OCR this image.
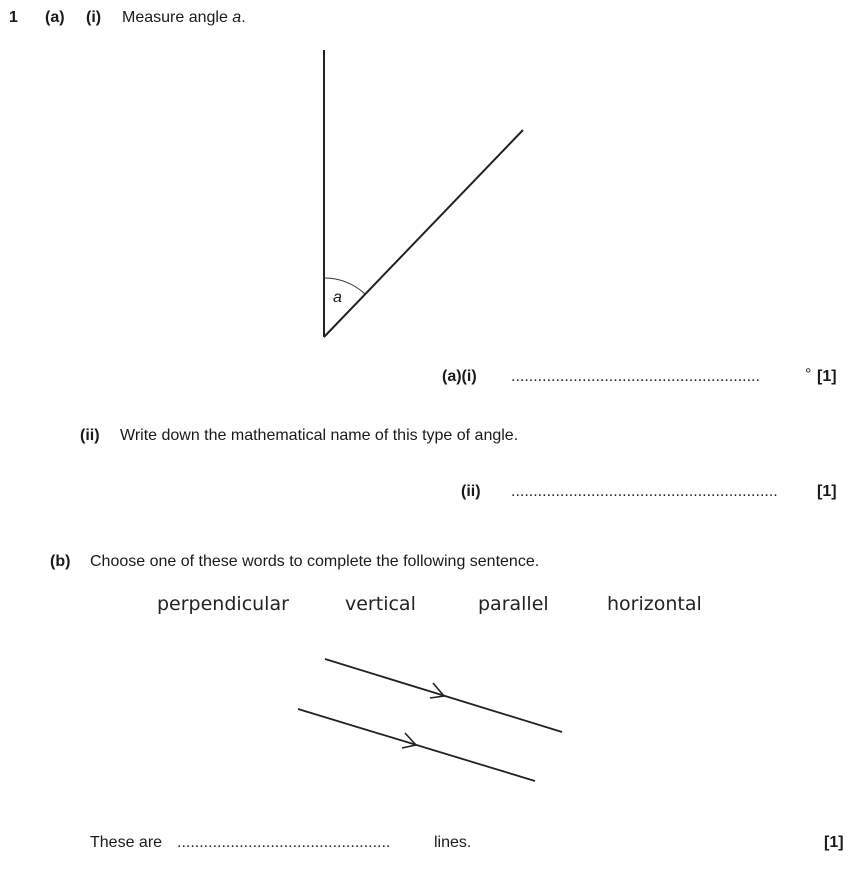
1 (a) (i) Measure angle a.
a
(a)(i) ........................................................	° [1]
(ii) Write down the mathematical name of this type of angle.
(ii) ............................................................	[1]
(b) Choose one of these words to complete the following sentence.
perpendicular	vertical	parallel	horizontal
These are ................................................	lines.	[1]
